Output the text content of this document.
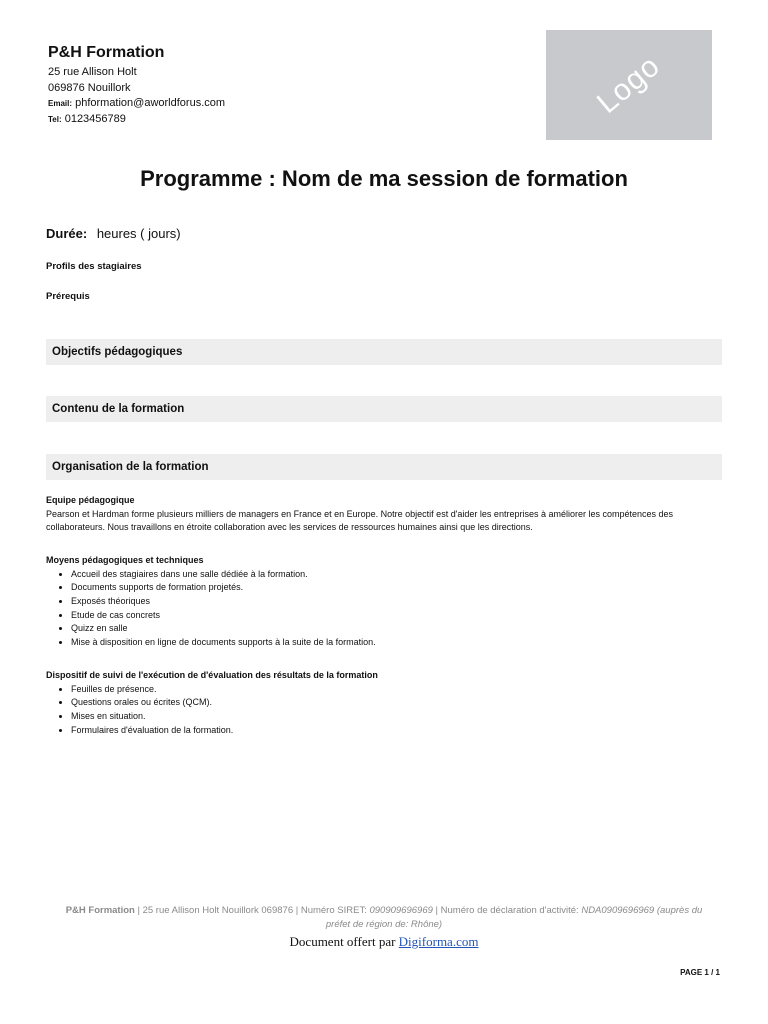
P&H Formation
25 rue Allison Holt
069876 Nouillork
Email: phformation@aworldforus.com
Tel: 0123456789	Logo
Programme : Nom de ma session de formation
Durée: heures ( jours)
Profils des stagiaires
Prérequis
Objectifs pédagogiques
Contenu de la formation
Organisation de la formation
Equipe pédagogique
Pearson et Hardman forme plusieurs milliers de managers en France et en Europe. Notre objectif est d'aider les entreprises à améliorer les compétences des collaborateurs. Nous travaillons en étroite collaboration avec les services de ressources humaines ainsi que les directions.
Moyens pédagogiques et techniques
• Accueil des stagiaires dans une salle dédiée à la formation.
• Documents supports de formation projetés.
• Exposés théoriques
• Etude de cas concrets
• Quizz en salle
• Mise à disposition en ligne de documents supports à la suite de la formation.
Dispositif de suivi de l'exécution de d'évaluation des résultats de la formation
• Feuilles de présence.
• Questions orales ou écrites (QCM).
• Mises en situation.
• Formulaires d'évaluation de la formation.
P&H Formation | 25 rue Allison Holt Nouillork 069876 | Numéro SIRET: 090909696969 | Numéro de déclaration d'activité: NDA0909696969 (auprès du préfet de région de: Rhône)
Document offert par Digiforma.com
PAGE 1 / 1
